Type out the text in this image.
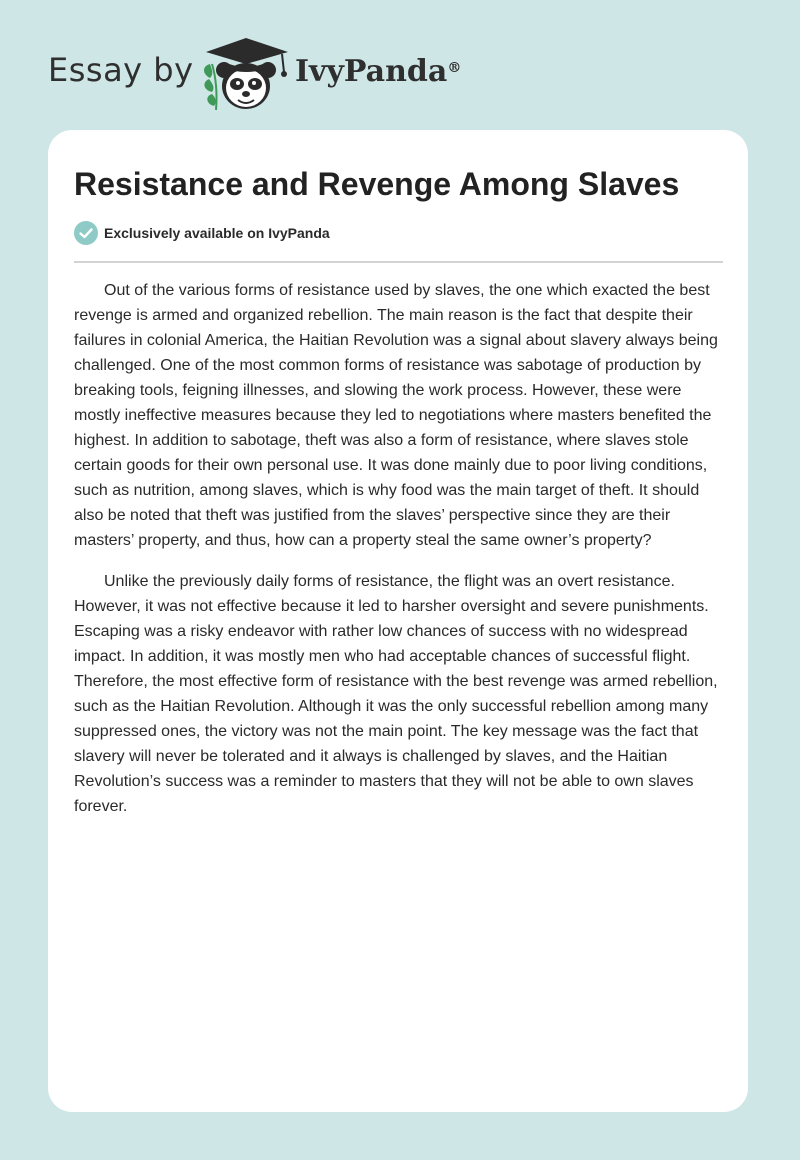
Essay by	IvyPanda®
Resistance and Revenge Among Slaves
Exclusively available on IvyPanda

Out of the various forms of resistance used by slaves, the one which exacted the best revenge is armed and organized rebellion. The main reason is the fact that despite their failures in colonial America, the Haitian Revolution was a signal about slavery always being challenged. One of the most common forms of resistance was sabotage of production by breaking tools, feigning illnesses, and slowing the work process. However, these were mostly ineffective measures because they led to negotiations where masters benefited the highest. In addition to sabotage, theft was also a form of resistance, where slaves stole certain goods for their own personal use. It was done mainly due to poor living conditions, such as nutrition, among slaves, which is why food was the main target of theft. It should also be noted that theft was justified from the slaves’ perspective since they are their masters’ property, and thus, how can a property steal the same owner’s property?

Unlike the previously daily forms of resistance, the flight was an overt resistance. However, it was not effective because it led to harsher oversight and severe punishments. Escaping was a risky endeavor with rather low chances of success with no widespread impact. In addition, it was mostly men who had acceptable chances of successful flight. Therefore, the most effective form of resistance with the best revenge was armed rebellion, such as the Haitian Revolution. Although it was the only successful rebellion among many suppressed ones, the victory was not the main point. The key message was the fact that slavery will never be tolerated and it always is challenged by slaves, and the Haitian Revolution’s success was a reminder to masters that they will not be able to own slaves forever.
